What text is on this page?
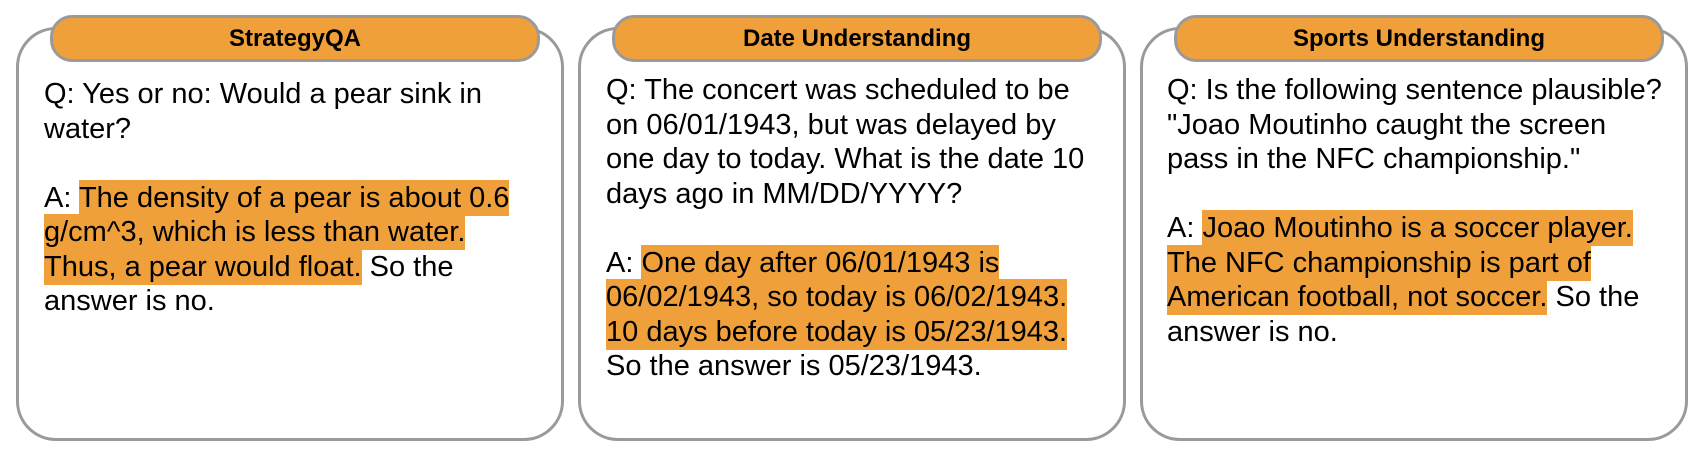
StrategyQA
Q: Yes or no: Would a pear sink in water?
A: The density of a pear is about 0.6 g/cm^3, which is less than water. Thus, a pear would float. So the answer is no.
Date Understanding
Q: The concert was scheduled to be on 06/01/1943, but was delayed by one day to today. What is the date 10 days ago in MM/DD/YYYY?
A: One day after 06/01/1943 is 06/02/1943, so today is 06/02/1943. 10 days before today is 05/23/1943. So the answer is 05/23/1943.
Sports Understanding
Q: Is the following sentence plausible? "Joao Moutinho caught the screen pass in the NFC championship."
A: Joao Moutinho is a soccer player. The NFC championship is part of American football, not soccer. So the answer is no.
